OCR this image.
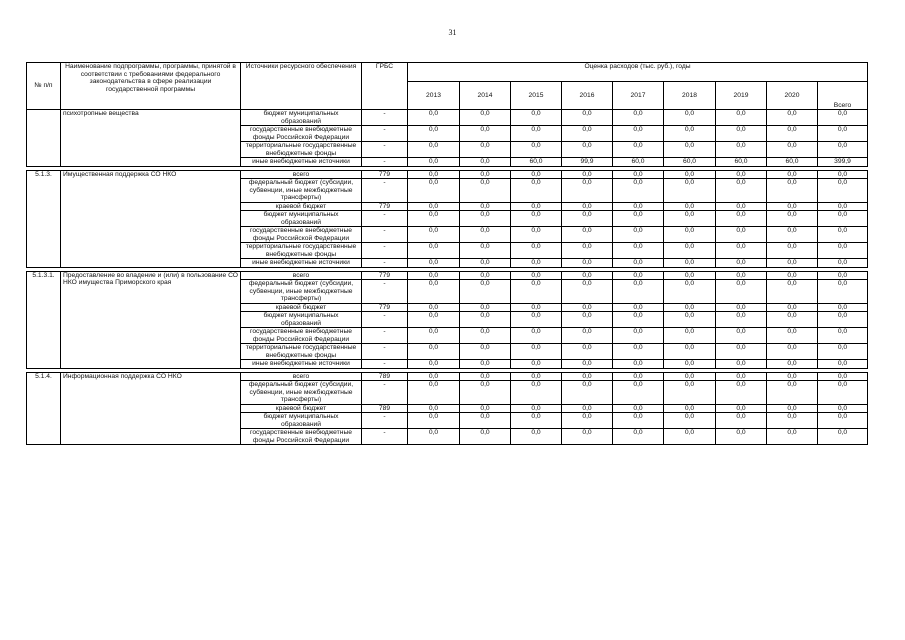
31
№ п/п	Наименование подпрограммы, программы, принятой в соответствии с требованиями федерального законодательства в сфере реализации государственной программы	Источники ресурсного обеспечения	ГРБС	Оценка расходов (тыс. руб.), годы								
				2013	2014	2015	2016	2017	2018	2019	2020	Всего
	психотропные вещества	бюджет муниципальных образований	-	0,0	0,0	0,0	0,0	0,0	0,0	0,0	0,0	0,0
		государственные внебюджетные фонды Российской Федерации	-	0,0	0,0	0,0	0,0	0,0	0,0	0,0	0,0	0,0
		территориальные государственные внебюджетные фонды	-	0,0	0,0	0,0	0,0	0,0	0,0	0,0	0,0	0,0
		иные внебюджетные источники	-	0,0	0,0	60,0	99,9	60,0	60,0	60,0	60,0	399,9

5.1.3.	Имущественная поддержка СО НКО	всего	779	0,0	0,0	0,0	0,0	0,0	0,0	0,0	0,0	0,0
		федеральный бюджет (субсидии, субвенции, иные межбюджетные трансферты)	-	0,0	0,0	0,0	0,0	0,0	0,0	0,0	0,0	0,0
		краевой бюджет	779	0,0	0,0	0,0	0,0	0,0	0,0	0,0	0,0	0,0
		бюджет муниципальных образований	-	0,0	0,0	0,0	0,0	0,0	0,0	0,0	0,0	0,0
		государственные внебюджетные фонды Российской Федерации	-	0,0	0,0	0,0	0,0	0,0	0,0	0,0	0,0	0,0
		территориальные государственные внебюджетные фонды	-	0,0	0,0	0,0	0,0	0,0	0,0	0,0	0,0	0,0
		иные внебюджетные источники	-	0,0	0,0	0,0	0,0	0,0	0,0	0,0	0,0	0,0

5.1.3.1.	Предоставление во владение и (или) в пользование СО НКО имущества Приморского края	всего	779	0,0	0,0	0,0	0,0	0,0	0,0	0,0	0,0	0,0
		федеральный бюджет (субсидии, субвенции, иные межбюджетные трансферты)	-	0,0	0,0	0,0	0,0	0,0	0,0	0,0	0,0	0,0
		краевой бюджет	779	0,0	0,0	0,0	0,0	0,0	0,0	0,0	0,0	0,0
		бюджет муниципальных образований	-	0,0	0,0	0,0	0,0	0,0	0,0	0,0	0,0	0,0
		государственные внебюджетные фонды Российской Федерации	-	0,0	0,0	0,0	0,0	0,0	0,0	0,0	0,0	0,0
		территориальные государственные внебюджетные фонды	-	0,0	0,0	0,0	0,0	0,0	0,0	0,0	0,0	0,0
		иные внебюджетные источники	-	0,0	0,0	0,0	0,0	0,0	0,0	0,0	0,0	0,0

5.1.4.	Информационная поддержка СО НКО	всего	789	0,0	0,0	0,0	0,0	0,0	0,0	0,0	0,0	0,0
		федеральный бюджет (субсидии, субвенции, иные межбюджетные трансферты)	-	0,0	0,0	0,0	0,0	0,0	0,0	0,0	0,0	0,0
		краевой бюджет	789	0,0	0,0	0,0	0,0	0,0	0,0	0,0	0,0	0,0
		бюджет муниципальных образований	-	0,0	0,0	0,0	0,0	0,0	0,0	0,0	0,0	0,0
		государственные внебюджетные фонды Российской Федерации	-	0,0	0,0	0,0	0,0	0,0	0,0	0,0	0,0	0,0
